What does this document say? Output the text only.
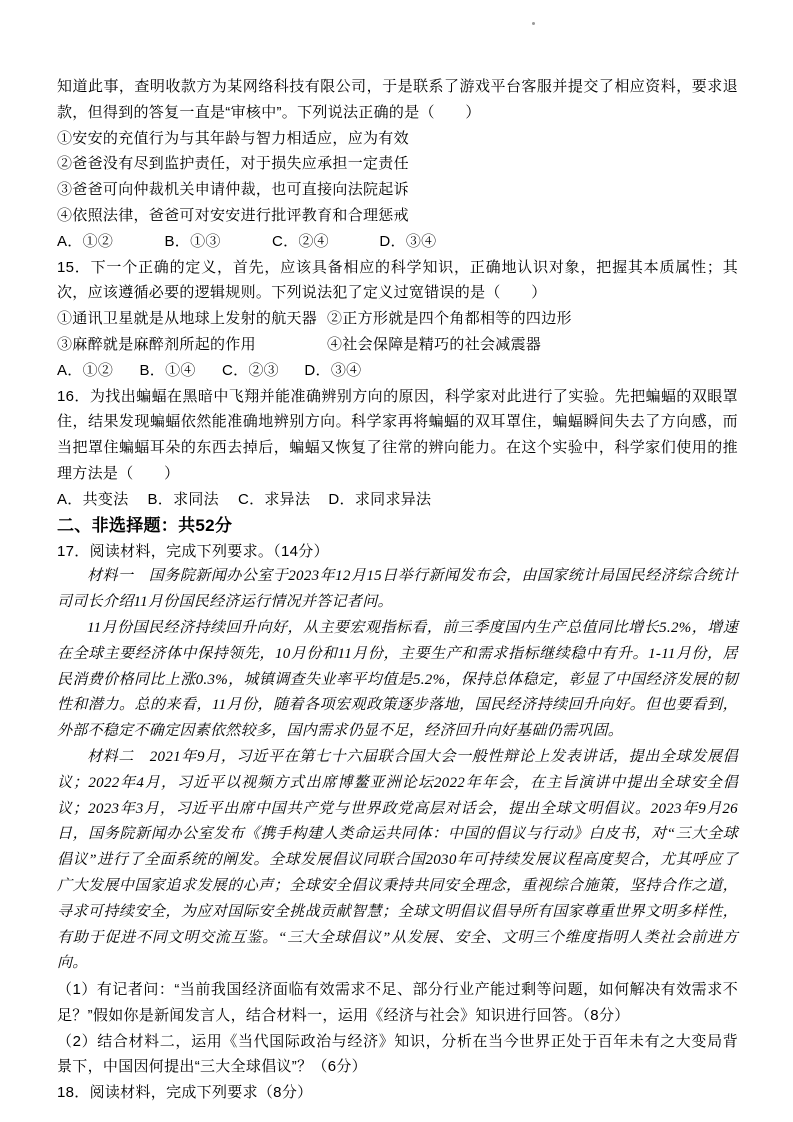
知道此事，查明收款方为某网络科技有限公司，于是联系了游戏平台客服并提交了相应资料，要求退款，但得到的答复一直是“审核中”。下列说法正确的是（　　）

①安安的充值行为与其年龄与智力相适应，应为有效

②爸爸没有尽到监护责任，对于损失应承担一定责任

③爸爸可向仲裁机关申请仲裁，也可直接向法院起诉

④依照法律，爸爸可对安安进行批评教育和合理惩戒

A．①②	B．①③	C．②④	D．③④

15．下一个正确的定义，首先，应该具备相应的科学知识，正确地认识对象，把握其本质属性；其次，应该遵循必要的逻辑规则。下列说法犯了定义过宽错误的是（　　）

①通讯卫星就是从地球上发射的航天器 ②正方形就是四个角都相等的四边形

③麻醉就是麻醉剂所起的作用	④社会保障是精巧的社会减震器

A．①② B．①④ C．②③ D．③④

16．为找出蝙蝠在黑暗中飞翔并能准确辨别方向的原因，科学家对此进行了实验。先把蝙蝠的双眼罩住，结果发现蝙蝠依然能准确地辨别方向。科学家再将蝙蝠的双耳罩住，蝙蝠瞬间失去了方向感，而当把罩住蝙蝠耳朵的东西去掉后，蝙蝠又恢复了往常的辨向能力。在这个实验中，科学家们使用的推理方法是（　　）

A．共变法 B．求同法 C．求异法 D．求同求异法

二、非选择题：共52分

17．阅读材料，完成下列要求。（14分）

材料一　国务院新闻办公室于2023年12月15日举行新闻发布会，由国家统计局国民经济综合统计司司长介绍11月份国民经济运行情况并答记者问。

11月份国民经济持续回升向好，从主要宏观指标看，前三季度国内生产总值同比增长5.2%，增速在全球主要经济体中保持领先，10月份和11月份，主要生产和需求指标继续稳中有升。1-11月份，居民消费价格同比上涨0.3%，城镇调查失业率平均值是5.2%，保持总体稳定，彰显了中国经济发展的韧性和潜力。总的来看，11月份，随着各项宏观政策逐步落地，国民经济持续回升向好。但也要看到，外部不稳定不确定因素依然较多，国内需求仍显不足，经济回升向好基础仍需巩固。

材料二　2021年9月，习近平在第七十六届联合国大会一般性辩论上发表讲话，提出全球发展倡议；2022年4月，习近平以视频方式出席博鳌亚洲论坛2022年年会，在主旨演讲中提出全球安全倡议；2023年3月，习近平出席中国共产党与世界政党高层对话会，提出全球文明倡议。2023年9月26日，国务院新闻办公室发布《携手构建人类命运共同体：中国的倡议与行动》白皮书，对“三大全球倡议”进行了全面系统的阐发。全球发展倡议同联合国2030年可持续发展议程高度契合，尤其呼应了广大发展中国家追求发展的心声；全球安全倡议秉持共同安全理念，重视综合施策，坚持合作之道，寻求可持续安全，为应对国际安全挑战贡献智慧；全球文明倡议倡导所有国家尊重世界文明多样性，有助于促进不同文明交流互鉴。“三大全球倡议”从发展、安全、文明三个维度指明人类社会前进方向。

（1）有记者问：“当前我国经济面临有效需求不足、部分行业产能过剩等问题，如何解决有效需求不足？”假如你是新闻发言人，结合材料一，运用《经济与社会》知识进行回答。（8分）

（2）结合材料二，运用《当代国际政治与经济》知识，分析在当今世界正处于百年未有之大变局背景下，中国因何提出“三大全球倡议”？（6分）

18．阅读材料，完成下列要求（8分）
